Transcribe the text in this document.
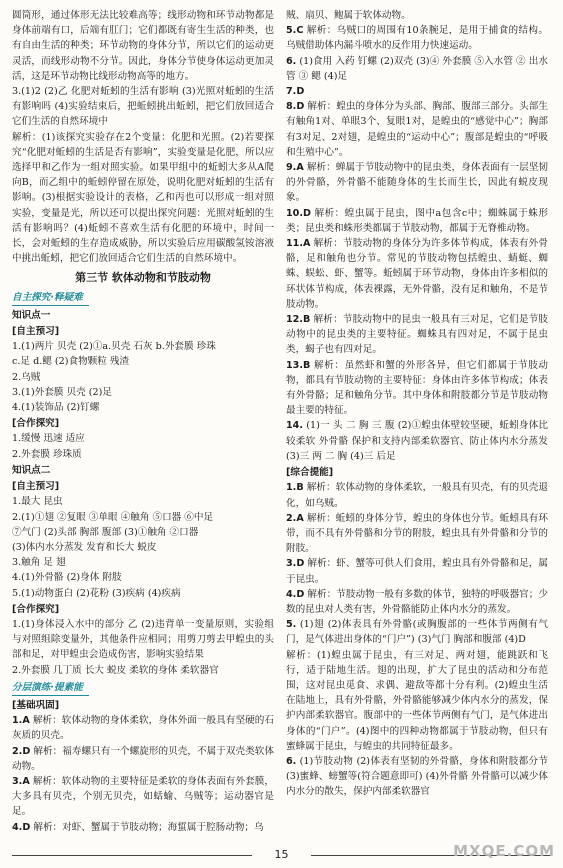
圆筒形，通过体形无法比较难高等；线形动物和环节动物都是身体前端有口，后端有肛门；它们都既有寄生生活的种类，也有自由生活的种类；环节动物的身体分节，所以它们的运动更灵活，而线形动物不分节。因此，身体分节使身体运动更加灵活，这是环节动物比线形动物高等的地方。

3.(1)2 (2)乙 化肥对蚯蚓的生活有影响 (3)光照对蚯蚓的生活有影响吗 (4)实验结束后，把蚯蚓挑出蚯蚓，把它们放回适合它们生活的自然环境中

解析：(1)该探究实验存在2个变量：化肥和光照。(2)若要探究“化肥对蚯蚓的生活是否有影响”，实验变量是化肥，所以应选择甲和乙作为一组对照实验。如果甲组中的蚯蚓大多从A爬向B，而乙组中的蚯蚓停留在原处，说明化肥对蚯蚓的生活有影响。(3)根据实验设计的表格，乙和丙也可以形成一组对照实验，变量是光，所以还可以提出探究问题：光照对蚯蚓的生活有影响吗？(4)蚯蚓不喜欢生活有化肥的环境中，时间一长，会对蚯蚓的生存造成威胁，所以实验后应用碳酸氢铵溶液中挑出蚯蚓，把它们放回适合它们生活的自然环境中。

第三节 软体动物和节肢动物
自主探究·释疑难
知识点一
[自主预习]

1.(1)两片 贝壳 (2)①a.贝壳 石灰 b.外套膜 珍珠

c.足 d.鳃 (2)食物颗粒 残渣

2.乌贼

3.(1)外套膜 贝壳 (2)足

4.(1)装饰品 (2)钉螺

[合作探究]

1.缓慢 迅速 适应

2.外套膜 珍珠质

知识点二
[自主预习]

1.最大 昆虫

2.(1)①翅 ②复眼 ③单眼 ④触角 ⑤口器 ⑥中足

⑦气门 (2)头部 胸部 腹部 (3)①触角 ②口器

(3)体内水分蒸发 发育和长大 蜕皮

3.触角 足 翅

4.(1)外骨骼 (2)身体 附肢

5.(1)动物蛋白 (2)花粉 (3)疾病 (4)疾病

[合作探究]

1.(1)身体浸入水中的部分 乙 (2)违背单一变量原则，实验组与对照组除变量外，其他条件应相同；用剪刀剪去甲蝗虫的头部和足，对甲蝗虫会造成伤害，影响实验结果

2.外套膜 几丁质 长大 蜕皮 柔软的身体 柔软器官

分层演练·提素能
[基础巩固]

1.A 解析：软体动物的身体柔软，身体外面一般具有坚硬的石灰质的贝壳。

2.D 解析：福寿螺只有一个螺旋形的贝壳，不属于双壳类软体动物。

3.A 解析：软体动物的主要特征是柔软的身体表面有外套膜，大多具有贝壳，个别无贝壳，如蛞蝓、乌贼等；运动器官是足。

4.D 解析：对虾、蟹属于节肢动物；海蜇属于腔肠动物；乌

贼、扇贝、鲍属于软体动物。

5.C 解析：乌贼口的周围有10条腕足，是用于捕食的结构。乌贼借助体内漏斗喷水的反作用力快速运动。

6. (1)食用 入药 钉螺 (2)双壳 (3)④ 外套膜 ⑤入水管 ② 出水管 ③ 鳃 (4)足

7.D

8.D 解析：蝗虫的身体分为头部、胸部、腹部三部分。头部生有触角1对、单眼3个、复眼1对，是蝗虫的“感觉中心”；胸部有3对足、2对翅，是蝗虫的“运动中心”；腹部是蝗虫的“呼吸和生殖中心”。

9.A 解析：蝉属于节肢动物中的昆虫类，身体表面有一层坚韧的外骨骼，外骨骼不能随身体的生长而生长，因此有蜕皮现象。

10.D 解析：蝗虫属于昆虫，图中a包含c中；蜘蛛属于蛛形类；昆虫类和蛛形类都属于节肢动物，都属于无脊椎动物。

11.A 解析：节肢动物的身体分为许多体节构成，体表有外骨骼，足和触角也分节。常见的节肢动物包括蝗虫、蜻蜓、蜘蛛、蜈蚣、虾、蟹等。蚯蚓属于环节动物，身体由许多相似的环状体节构成，体表裸露，无外骨骼，没有足和触角，不是节肢动物。

12.B 解析：节肢动物中的昆虫一般具有三对足，它们是节肢动物中的昆虫类的主要特征。蜘蛛具有四对足，不属于昆虫类，蝎子也有四对足。

13.B 解析：虽然虾和蟹的外形各异，但它们都属于节肢动物，都具有节肢动物的主要特征：身体由许多体节构成；体表有外骨骼；足和触角分节。其中身体和附肢都分节是节肢动物最主要的特征。

14. (1)一 头 二 胸 三 腹 (2)①蝗虫体壁较坚硬，蚯蚓身体比较柔软 外骨骼 保护和支持内部柔软器官、防止体内水分蒸发 (3)三 两 二 胸 (4)三 后足

[综合提能]

1.B 解析：软体动物的身体柔软，一般具有贝壳，有的贝壳退化，如乌贼。

2.A 解析：蚯蚓的身体分节，蝗虫的身体也分节。蚯蚓具有环带，而不具有外骨骼和分节的附肢，蝗虫具有外骨骼和分节的附肢。

3.D 解析：虾、蟹等可供人们食用，蝗虫具有外骨骼和足，属于昆虫。

4.D 解析：节肢动物一般有多数的体节，独特的呼吸器官；少数的昆虫对人类有害，外骨骼能防止体内水分的蒸发。

5. (1)翅 (2)体表具有外骨骼(或胸腹部的一些体节两侧有气门，是气体进出身体的“门户”) (3)气门 胸部和腹部 (4)D

解析：(1)蝗虫属于昆虫，有三对足、两对翅，能跳跃和飞行，适于陆地生活。翅的出现，扩大了昆虫的活动和分布范围，这对昆虫觅食、求偶、避敌等都十分有利。(2)蝗虫生活在陆地上，具有外骨骼，外骨骼能够减少体内水分的蒸发，保护内部柔软器官。腹部中的一些体节两侧有气门，是气体进出身体的“门户”。(4)图中的四种动物都属于节肢动物，但只有蜜蜂属于昆虫，与蝗虫的共同特征最多。

6. (1)节肢动物 (2)体表有坚韧的外骨骼，身体和附肢都分节 (3)蜜蜂、螃蟹等(符合题意即可) (4)外骨骼 外骨骼可以减少体内水分的散失，保护内部柔软器官

15	MXQE.COM
